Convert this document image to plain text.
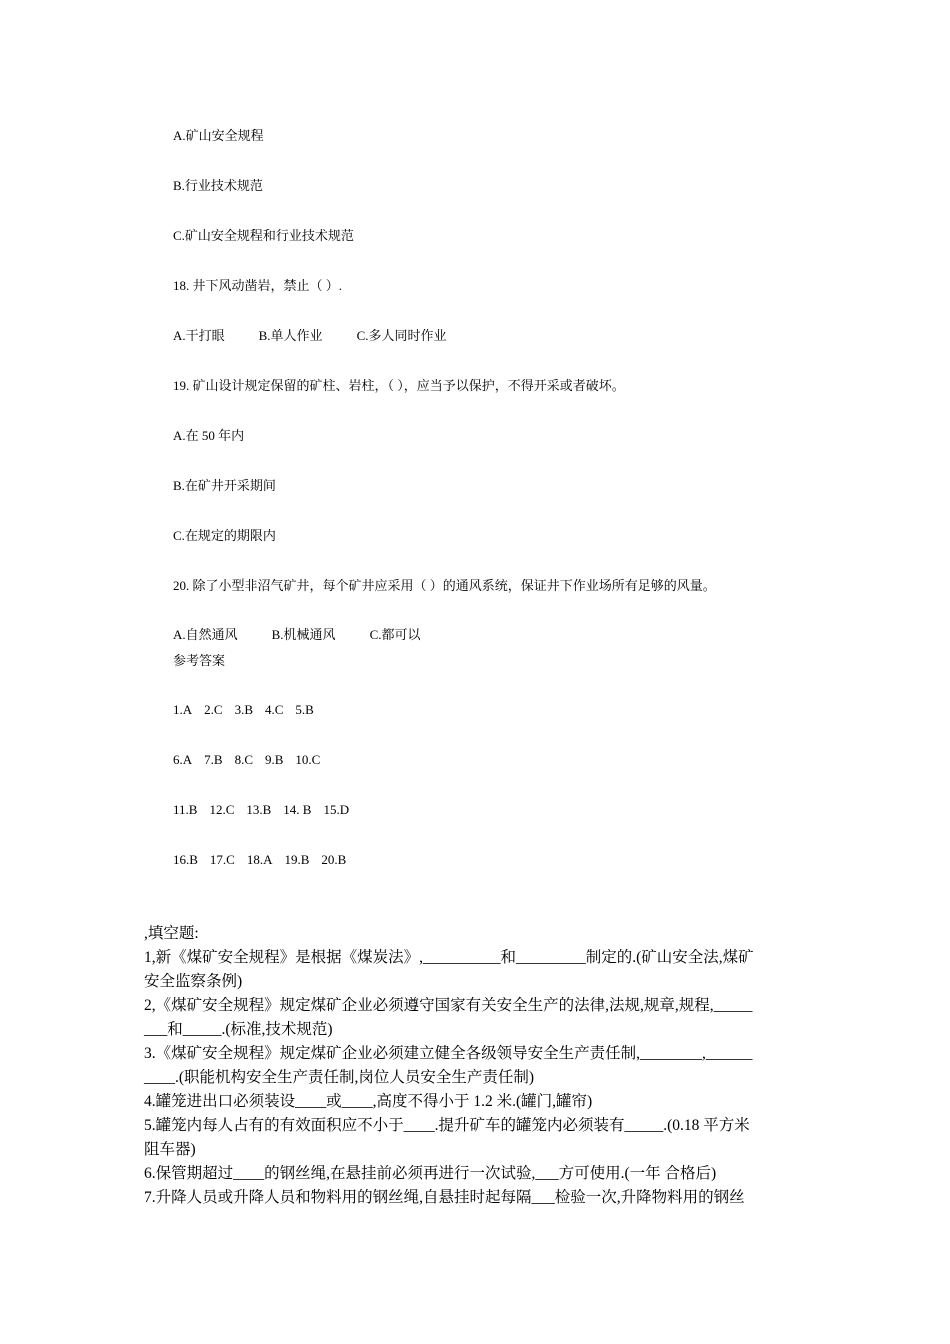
A.矿山安全规程
B.行业技术规范
C.矿山安全规程和行业技术规范
18. 井下风动凿岩，禁止（ ）.
A.干打眼	B.单人作业	C.多人同时作业
19. 矿山设计规定保留的矿柱、岩柱，（ ），应当予以保护，不得开采或者破坏。
A.在 50 年内
B.在矿井开采期间
C.在规定的期限内
20. 除了小型非沼气矿井，每个矿井应采用（ ）的通风系统，保证井下作业场所有足够的风量。
A.自然通风	B.机械通风	C.都可以
参考答案
1.A 2.C 3.B 4.C 5.B
6.A 7.B 8.C 9.B 10.C
11.B 12.C 13.B 14. B 15.D
16.B 17.C 18.A 19.B 20.B
,填空题:
1,新《煤矿安全规程》是根据《煤炭法》,__________和_________制定的.(矿山安全法,煤矿
安全监察条例)
2,《煤矿安全规程》规定煤矿企业必须遵守国家有关安全生产的法律,法规,规章,规程,_____
___和_____.(标准,技术规范)
3.《煤矿安全规程》规定煤矿企业必须建立健全各级领导安全生产责任制,________,______
____.(职能机构安全生产责任制,岗位人员安全生产责任制)
4.罐笼进出口必须装设____或____,高度不得小于 1.2 米.(罐门,罐帘)
5.罐笼内每人占有的有效面积应不小于____.提升矿车的罐笼内必须装有_____.(0.18 平方米
阻车器)
6.保管期超过____的钢丝绳,在悬挂前必须再进行一次试验,___方可使用.(一年 合格后)
7.升降人员或升降人员和物料用的钢丝绳,自悬挂时起每隔___检验一次,升降物料用的钢丝
